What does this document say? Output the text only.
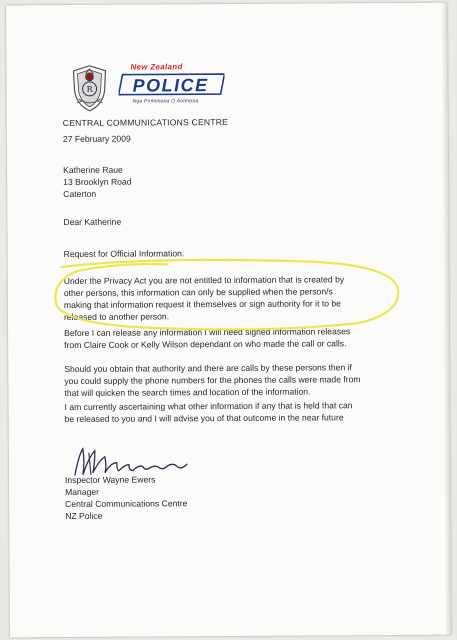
R
New Zealand
POLICE
Nga Pirihimana O Aotearoa
CENTRAL COMMUNICATIONS CENTRE
27 February 2009
Katherine Raue
13 Brooklyn Road
Caterton
Dear Katherine
Request for Official Information.
Under the Privacy Act you are not entitled to information that is created by
other persons, this information can only be supplied when the person/s
making that information request it themselves or sign authority for it to be
released to another person.
Before I can release any information I will need signed information releases
from Claire Cook or Kelly Wilson dependant on who made the call or calls.
Should you obtain that authority and there are calls by these persons then if
you could supply the phone numbers for the phones the calls were made from
that will quicken the search times and location of the information.
I am currently ascertaining what other information if any that is held that can
be released to you and I will advise you of that outcome in the near future
Inspector Wayne Ewers
Manager
Central Communications Centre
NZ Police
